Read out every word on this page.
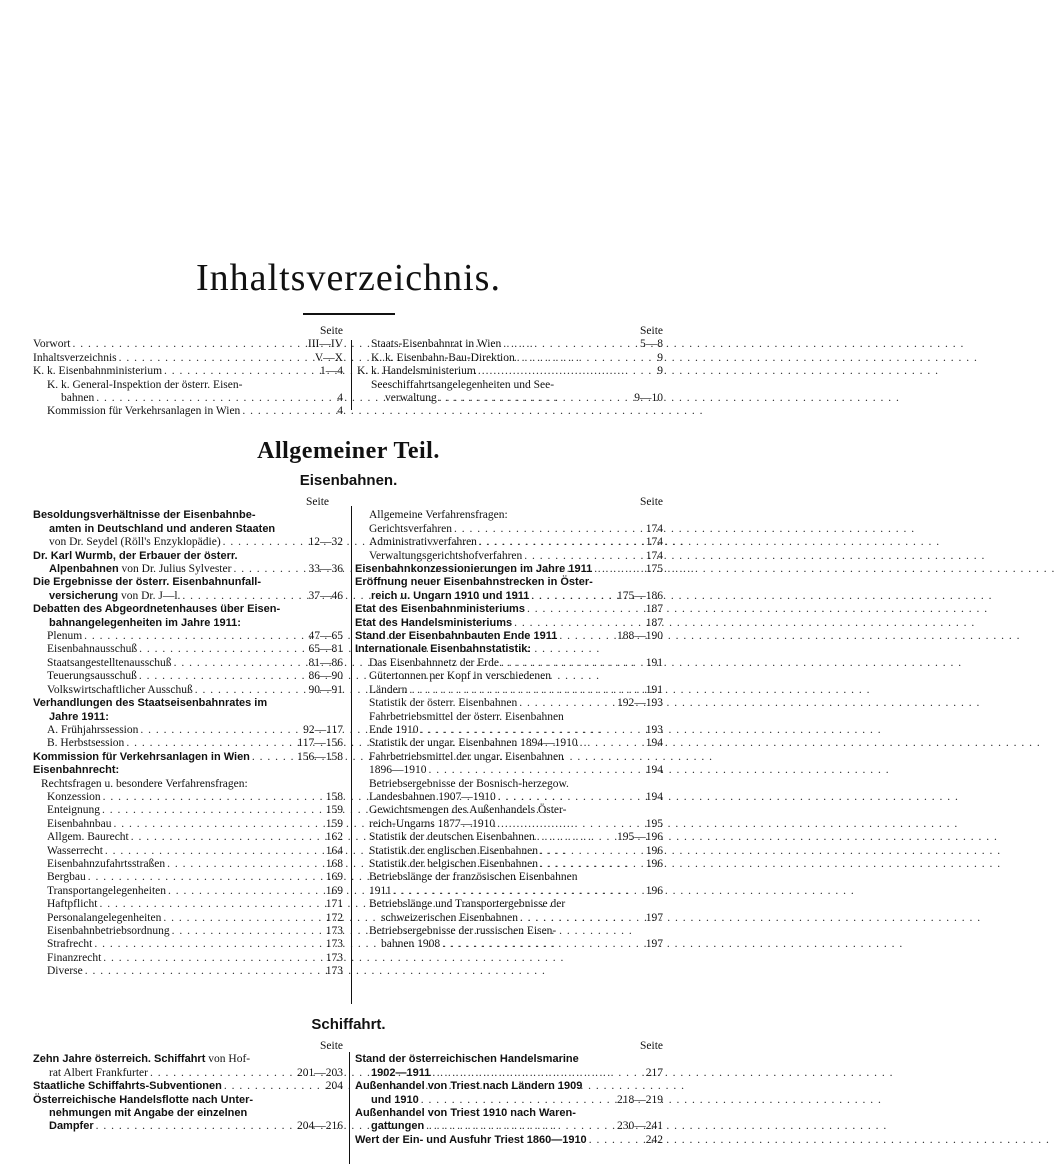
Inhaltsverzeichnis.
Seite
Vorwort . . .	III—IV
Inhaltsverzeichnis . . .	V—X
K. k. Eisenbahnministerium . . .	1—4
K. k. General-Inspektion der österr. Eisen-
bahnen . . .	4
Kommission für Verkehrsanlagen in Wien . . .	4
Seite
Staats-Eisenbahnrat in Wien . . .	5—8
K. k. Eisenbahn-Bau-Direktion . . .	9
K. k. Handelsministerium . . .	9
Seeschiffahrtsangelegenheiten und See-
verwaltung . . .	9—10
Allgemeiner Teil.
Eisenbahnen.
Seite
Besoldungsverhältnisse der Eisenbahnbe-
amten in Deutschland und anderen Staaten
von Dr. Seydel (Röll's Enzyklopädie) . . .	12—32
Dr. Karl Wurmb, der Erbauer der österr.
Alpenbahnen von Dr. Julius Sylvester . . .	33—36
Die Ergebnisse der österr. Eisenbahnunfall-
versicherung von Dr. J—l. . . .	37—46
Debatten des Abgeordnetenhauses über Eisen-
bahnangelegenheiten im Jahre 1911:
Plenum . . .	47—65
Eisenbahnausschuß . . .	65—81
Staatsangestelltenausschuß . . .	81—86
Teuerungsausschuß . . .	86—90
Volkswirtschaftlicher Ausschuß . . .	90—91
Verhandlungen des Staatseisenbahnrates im
Jahre 1911:
A. Frühjahrssession . . .	92—117
B. Herbstsession . . .	117—156
Kommission für Verkehrsanlagen in Wien . . .	156—158
Eisenbahnrecht:
Rechtsfragen u. besondere Verfahrensfragen:
Konzession . . .	158
Enteignung . . .	159
Eisenbahnbau . . .	159
Allgem. Baurecht . . .	162
Wasserrecht . . .	164
Eisenbahnzufahrtsstraßen . . .	168
Bergbau . . .	169
Transportangelegenheiten . . .	169
Haftpflicht . . .	171
Personalangelegenheiten . . .	172
Eisenbahnbetriebsordnung . . .	173
Strafrecht . . .	173
Finanzrecht . . .	173
Diverse . . .	173
Seite
Allgemeine Verfahrensfragen:
Gerichtsverfahren . . .	174
Administrativverfahren . . .	174
Verwaltungsgerichtshofverfahren . . .	174
Eisenbahnkonzessionierungen im Jahre 1911 . . .	175
Eröffnung neuer Eisenbahnstrecken in Öster-
reich u. Ungarn 1910 und 1911 . . .	175—186
Etat des Eisenbahnministeriums . . .	187
Etat des Handelsministeriums . . .	187
Stand der Eisenbahnbauten Ende 1911 . . .	188—190
Internationale Eisenbahnstatistik:
Das Eisenbahnnetz der Erde . . .	191
Gütertonnen per Kopf in verschiedenen
Ländern . . .	191
Statistik der österr. Eisenbahnen . . .	192—193
Fahrbetriebsmittel der österr. Eisenbahnen
Ende 1910 . . .	193
Statistik der ungar. Eisenbahnen 1894—1910 . . .	194
Fahrbetriebsmittel der ungar. Eisenbahnen
1896—1910 . . .	194
Betriebsergebnisse der Bosnisch-herzegow.
Landesbahnen 1907—1910 . . .	194
Gewichtsmengen des Außenhandels Öster-
reich-Ungarns 1877—1910 . . .	195
Statistik der deutschen Eisenbahnen . . .	195—196
Statistik der englischen Eisenbahnen . . .	196
Statistik der belgischen Eisenbahnen . . .	196
Betriebslänge der französischen Eisenbahnen
1911 . . .	196
Betriebslänge und Transportergebnisse der
schweizerischen Eisenbahnen . . .	197
Betriebsergebnisse der russischen Eisen-
bahnen 1908 . . .	197
Schiffahrt.
Seite
Zehn Jahre österreich. Schiffahrt von Hof-
rat Albert Frankfurter . . .	201—203
Staatliche Schiffahrts-Subventionen . . .	204
Österreichische Handelsflotte nach Unter-
nehmungen mit Angabe der einzelnen
Dampfer . . .	204—216
Seite
Stand der österreichischen Handelsmarine
1902—1911 . . .	217
Außenhandel von Triest nach Ländern 1909
und 1910 . . .	218—219
Außenhandel von Triest 1910 nach Waren-
gattungen . . .	230—241
Wert der Ein- und Ausfuhr Triest 1860—1910 . . .	242
